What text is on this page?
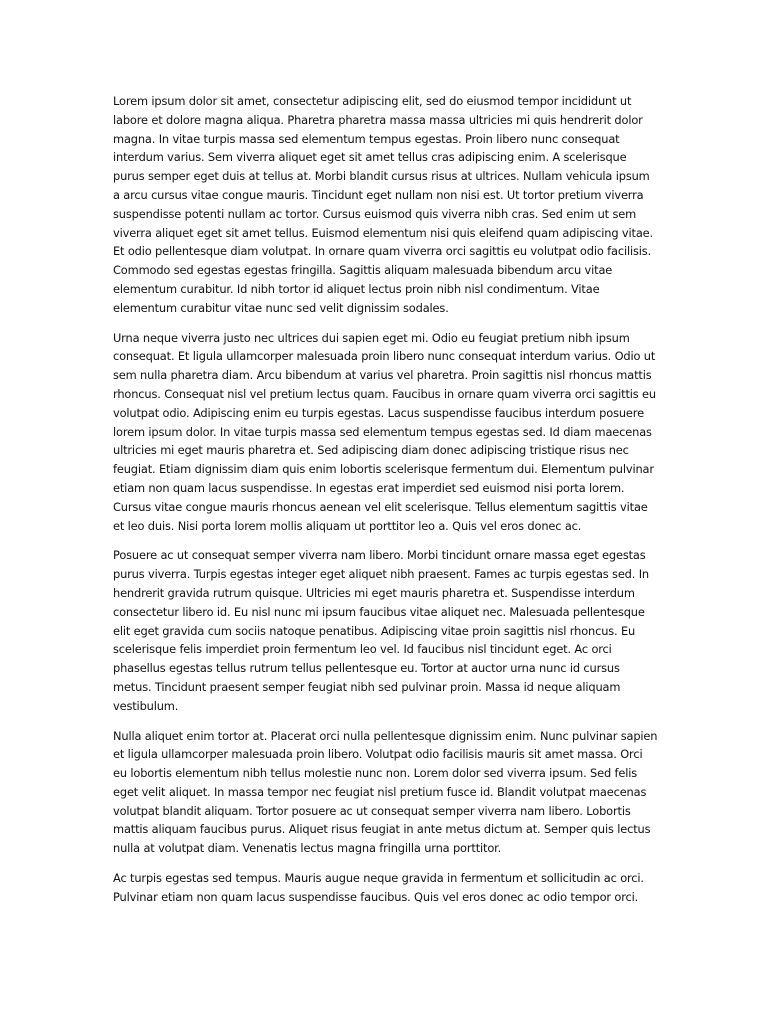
Lorem ipsum dolor sit amet, consectetur adipiscing elit, sed do eiusmod tempor incididunt ut labore et dolore magna aliqua. Pharetra pharetra massa massa ultricies mi quis hendrerit dolor magna. In vitae turpis massa sed elementum tempus egestas. Proin libero nunc consequat interdum varius. Sem viverra aliquet eget sit amet tellus cras adipiscing enim. A scelerisque purus semper eget duis at tellus at. Morbi blandit cursus risus at ultrices. Nullam vehicula ipsum a arcu cursus vitae congue mauris. Tincidunt eget nullam non nisi est. Ut tortor pretium viverra suspendisse potenti nullam ac tortor. Cursus euismod quis viverra nibh cras. Sed enim ut sem viverra aliquet eget sit amet tellus. Euismod elementum nisi quis eleifend quam adipiscing vitae. Et odio pellentesque diam volutpat. In ornare quam viverra orci sagittis eu volutpat odio facilisis. Commodo sed egestas egestas fringilla. Sagittis aliquam malesuada bibendum arcu vitae elementum curabitur. Id nibh tortor id aliquet lectus proin nibh nisl condimentum. Vitae elementum curabitur vitae nunc sed velit dignissim sodales.

Urna neque viverra justo nec ultrices dui sapien eget mi. Odio eu feugiat pretium nibh ipsum consequat. Et ligula ullamcorper malesuada proin libero nunc consequat interdum varius. Odio ut sem nulla pharetra diam. Arcu bibendum at varius vel pharetra. Proin sagittis nisl rhoncus mattis rhoncus. Consequat nisl vel pretium lectus quam. Faucibus in ornare quam viverra orci sagittis eu volutpat odio. Adipiscing enim eu turpis egestas. Lacus suspendisse faucibus interdum posuere lorem ipsum dolor. In vitae turpis massa sed elementum tempus egestas sed. Id diam maecenas ultricies mi eget mauris pharetra et. Sed adipiscing diam donec adipiscing tristique risus nec feugiat. Etiam dignissim diam quis enim lobortis scelerisque fermentum dui. Elementum pulvinar etiam non quam lacus suspendisse. In egestas erat imperdiet sed euismod nisi porta lorem. Cursus vitae congue mauris rhoncus aenean vel elit scelerisque. Tellus elementum sagittis vitae et leo duis. Nisi porta lorem mollis aliquam ut porttitor leo a. Quis vel eros donec ac.

Posuere ac ut consequat semper viverra nam libero. Morbi tincidunt ornare massa eget egestas purus viverra. Turpis egestas integer eget aliquet nibh praesent. Fames ac turpis egestas sed. In hendrerit gravida rutrum quisque. Ultricies mi eget mauris pharetra et. Suspendisse interdum consectetur libero id. Eu nisl nunc mi ipsum faucibus vitae aliquet nec. Malesuada pellentesque elit eget gravida cum sociis natoque penatibus. Adipiscing vitae proin sagittis nisl rhoncus. Eu scelerisque felis imperdiet proin fermentum leo vel. Id faucibus nisl tincidunt eget. Ac orci phasellus egestas tellus rutrum tellus pellentesque eu. Tortor at auctor urna nunc id cursus metus. Tincidunt praesent semper feugiat nibh sed pulvinar proin. Massa id neque aliquam vestibulum.

Nulla aliquet enim tortor at. Placerat orci nulla pellentesque dignissim enim. Nunc pulvinar sapien et ligula ullamcorper malesuada proin libero. Volutpat odio facilisis mauris sit amet massa. Orci eu lobortis elementum nibh tellus molestie nunc non. Lorem dolor sed viverra ipsum. Sed felis eget velit aliquet. In massa tempor nec feugiat nisl pretium fusce id. Blandit volutpat maecenas volutpat blandit aliquam. Tortor posuere ac ut consequat semper viverra nam libero. Lobortis mattis aliquam faucibus purus. Aliquet risus feugiat in ante metus dictum at. Semper quis lectus nulla at volutpat diam. Venenatis lectus magna fringilla urna porttitor.

Ac turpis egestas sed tempus. Mauris augue neque gravida in fermentum et sollicitudin ac orci. Pulvinar etiam non quam lacus suspendisse faucibus. Quis vel eros donec ac odio tempor orci.
